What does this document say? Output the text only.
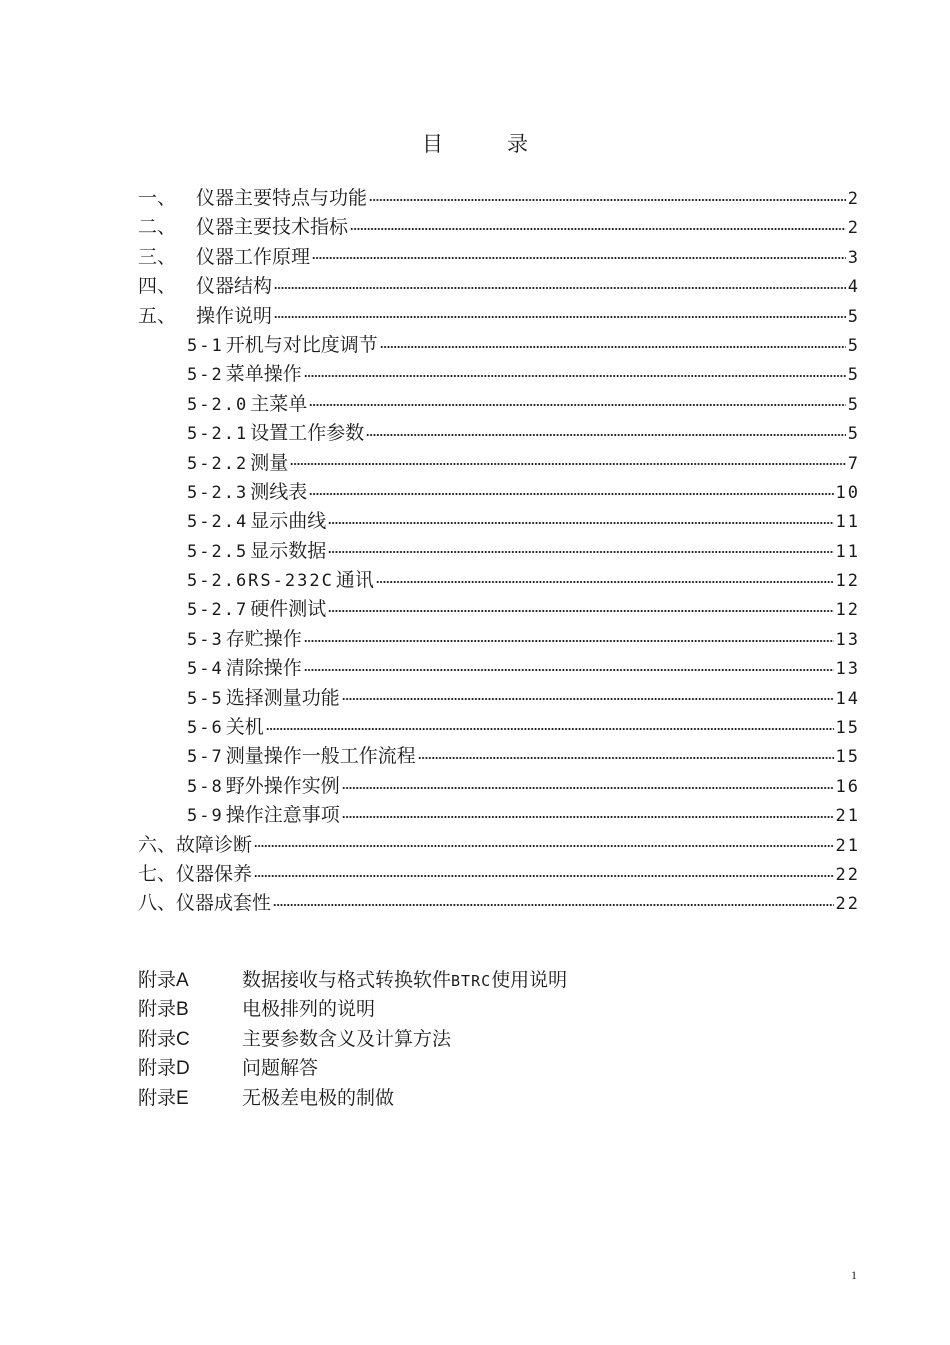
目	录
一、	仪器主要特点与功能	2
二、	仪器主要技术指标	2
三、	仪器工作原理	3
四、	仪器结构	4
五、	操作说明	5
5-1 开机与对比度调节	5
5-2 菜单操作	5
5-2.0 主菜单	5
5-2.1 设置工作参数	5
5-2.2 测量	7
5-2.3 测线表	10
5-2.4 显示曲线	11
5-2.5 显示数据	11
5-2.6RS-232C 通讯	12
5-2.7 硬件测试	12
5-3 存贮操作	13
5-4 清除操作	13
5-5 选择测量功能	14
5-6 关机	15
5-7 测量操作一般工作流程	15
5-8 野外操作实例	16
5-9 操作注意事项	21
六、 故障诊断	21
七、 仪器保养	22
八、 仪器成套性	22
附录A	数据接收与格式转换软件BTRC使用说明
附录B	电极排列的说明
附录C	主要参数含义及计算方法
附录D	问题解答
附录E	无极差电极的制做
1
